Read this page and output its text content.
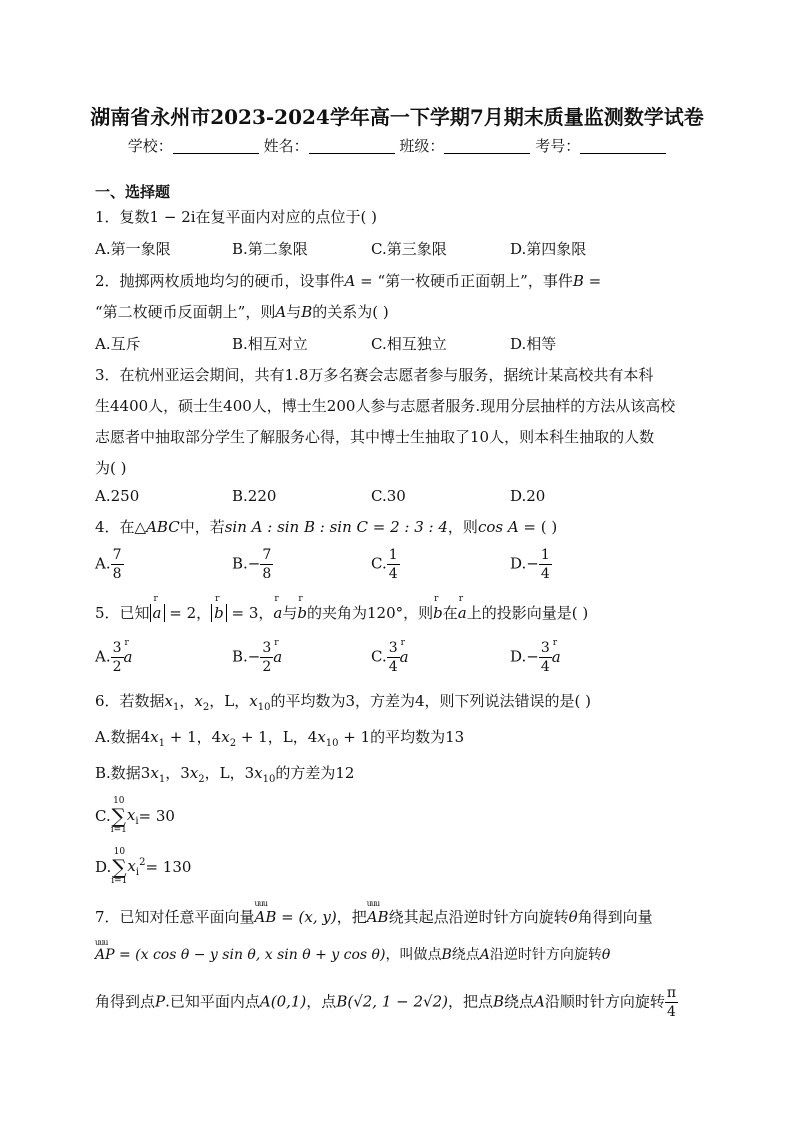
湖南省永州市2023-2024学年高一下学期7月期末质量监测数学试卷
学校：	姓名：	班级：	考号：
一、选择题
1．复数1 − 2i在复平面内对应的点位于( )
A.第一象限	B.第二象限	C.第三象限	D.第四象限
2．抛掷两枚质地均匀的硬币，设事件A = “第一枚硬币正面朝上”，事件B =
“第二枚硬币反面朝上”，则A与B的关系为( )
A.互斥	B.相互对立	C.相互独立	D.相等
3．在杭州亚运会期间，共有1.8万多名赛会志愿者参与服务，据统计某高校共有本科
生4400人，硕士生400人，博士生200人参与志愿者服务.现用分层抽样的方法从该高校
志愿者中抽取部分学生了解服务心得，其中博士生抽取了10人，则本科生抽取的人数
为( )
A.250	B.220	C.30	D.20
4．在△ABC中，若sin A : sin B : sin C = 2 : 3 : 4，则cos A = ( )
A. $\frac{7}{8}$	$B.- \frac{7}{8}$	C. $\frac{1}{4}$	$D.- \frac{1}{4}$
5．已知 r a = 2， r b = 3，r a与r b的夹角为120°，则r b在r a上的投影向量是( )
A. $\frac{3}{2}$ r a	$B.- \frac{3}{2}$ r a	C. $\frac{3}{4}$ r a	$D.- \frac{3}{4}$ r a
6．若数据$x_1$，$x_2$，L，$x_{10}$的平均数为3，方差为4，则下列说法错误的是( )
A.数据$4x_1 + 1$，$4x_2 + 1$，L，$4x_{10} + 1$的平均数为13
B.数据$3x_1$，$3x_2$，L，$3x_{10}$的方差为12
C.
10
∑
i=1
$x_i= 30$
D.
10
∑
i=1
$x_i^2= 130$
7．已知对任意平面向量uuu AB = (x, y)，把uuu AB绕其起点沿逆时针方向旋转θ角得到向量
uuu AP = (x cos θ − y sin θ, x sin θ + y cos θ)，叫做点B绕点A沿逆时针方向旋转θ
角得到点P.已知平面内点A(0,1)，点B(√2, 1 − 2√2)，把点B绕点A沿顺时针方向旋转 $\frac{\pi}{4}$
